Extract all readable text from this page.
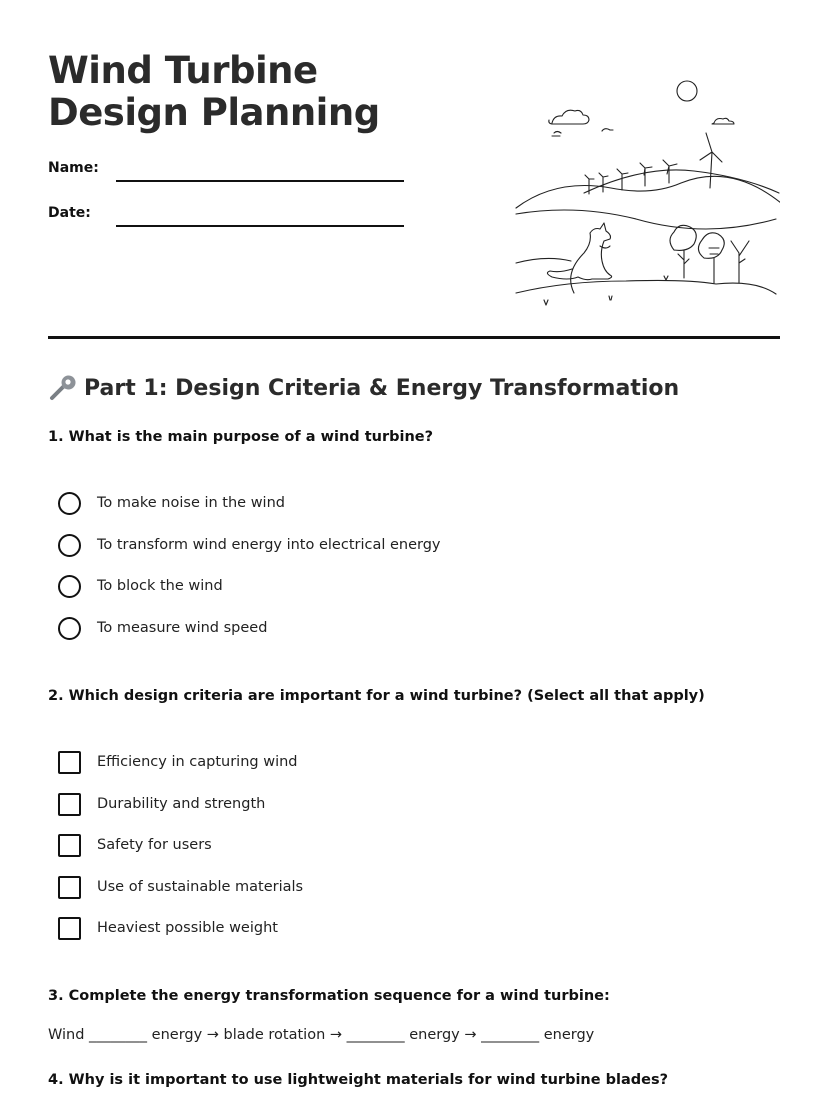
Wind Turbine Design Planning
Name:
Date:
Part 1: Design Criteria & Energy Transformation
1. What is the main purpose of a wind turbine?
To make noise in the wind
To transform wind energy into electrical energy
To block the wind
To measure wind speed
2. Which design criteria are important for a wind turbine? (Select all that apply)
Efficiency in capturing wind
Durability and strength
Safety for users
Use of sustainable materials
Heaviest possible weight
3. Complete the energy transformation sequence for a wind turbine:
Wind ________ energy → blade rotation → ________ energy → ________ energy
4. Why is it important to use lightweight materials for wind turbine blades?
